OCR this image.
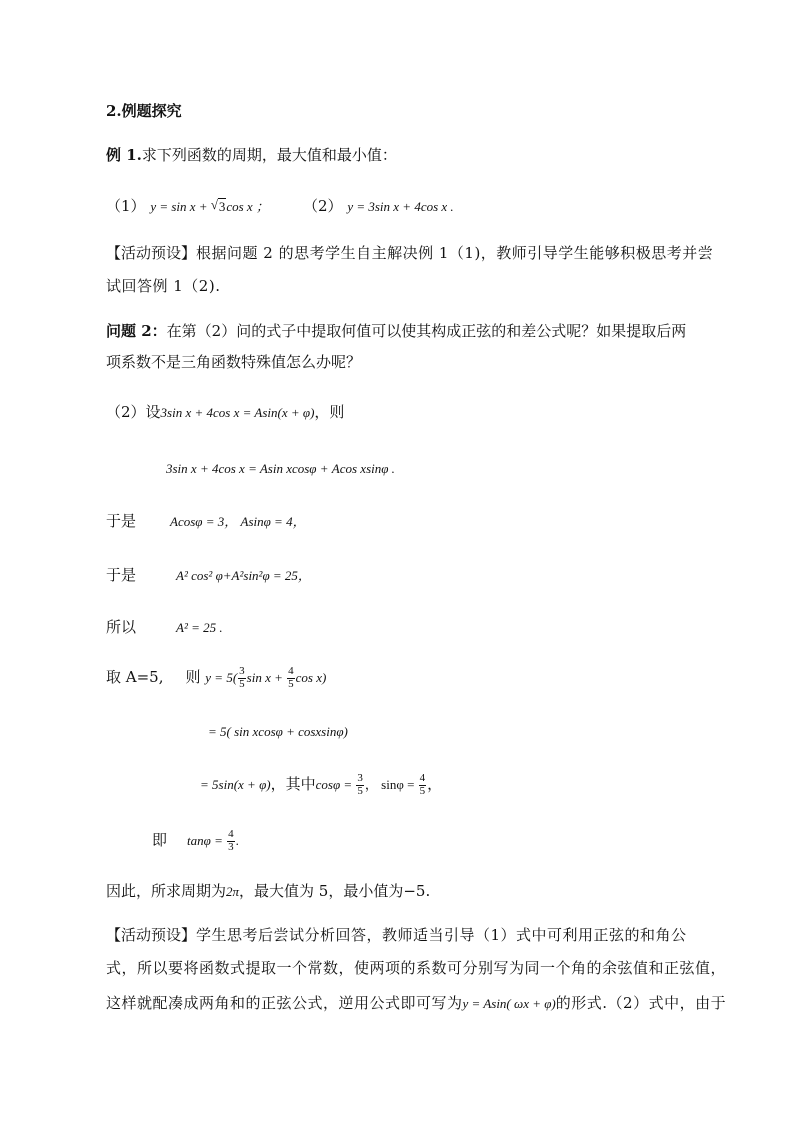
2.例题探究
例 1.求下列函数的周期，最大值和最小值：
（1） y = sin x + √ 3cos x ； （2） y = 3sin x + 4cos x .
【活动预设】根据问题 2 的思考学生自主解决例 1（1)，教师引导学生能够积极思考并尝
试回答例 1（2).
问题 2：在第（2）问的式子中提取何值可以使其构成正弦的和差公式呢？如果提取后两
项系数不是三角函数特殊值怎么办呢？
（2）设3sin x + 4cos x = Asin(x + φ)，则
3sin x + 4cos x = Asin xcosφ + Acos xsinφ .
于是	Acosφ = 3， Asinφ = 4，
于是	A² cos² φ+A²sin²φ = 25，
所以	A² = 25 .
取 A=5, 则 $y = 5( \frac{3}{5}$ $\sin x + \frac{4}{5}$ cos x)
= 5( sin xcosφ + cosxsinφ)
= 5sin(x + φ)，其中$\cos\varphi = \frac{3}{5}$ ， $\sin\varphi = \frac{4}{5}$ ，
即 $\tan\varphi = \frac{4}{3}$ .
因此，所求周期为2π，最大值为 5，最小值为−5.
【活动预设】学生思考后尝试分析回答，教师适当引导（1）式中可利用正弦的和角公
式，所以要将函数式提取一个常数，使两项的系数可分别写为同一个角的余弦值和正弦值，
这样就配凑成两角和的正弦公式，逆用公式即可写为y = Asin( ωx + φ)的形式.（2）式中，由于
